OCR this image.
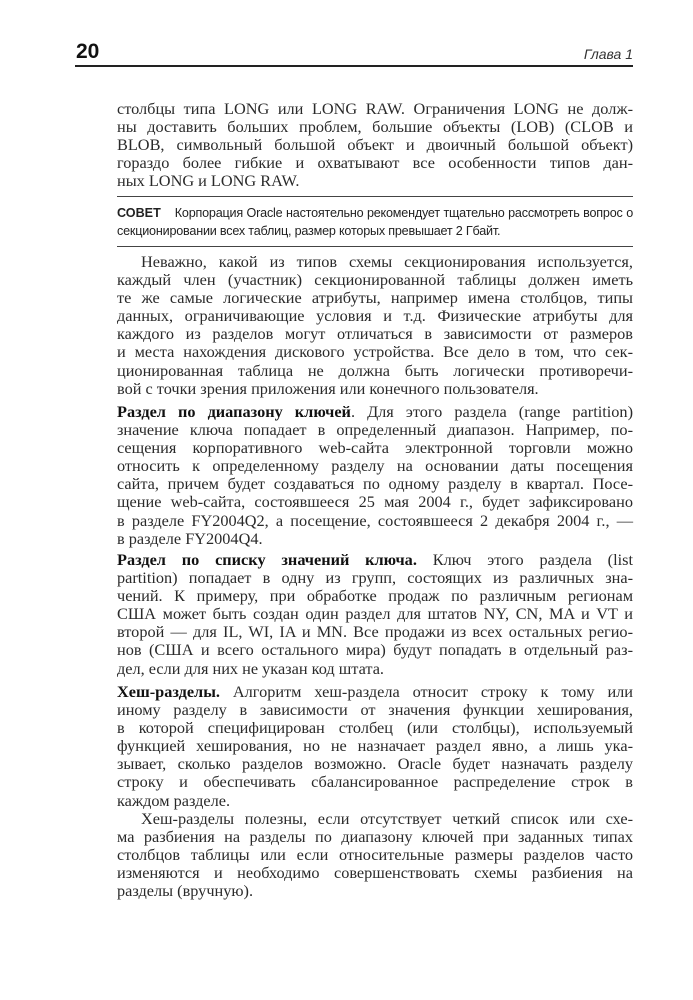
20	Глава 1
столбцы типа LONG или LONG RAW. Ограничения LONG не долж-
ны доставить больших проблем, большие объекты (LOB) (CLOB и
BLOB, символьный большой объект и двоичный большой объект)
гораздо более гибкие и охватывают все особенности типов дан-
ных LONG и LONG RAW.
СОВЕТ Корпорация Oracle настоятельно рекомендует тщательно рассмотреть вопрос о
секционировании всех таблиц, размер которых превышает 2 Гбайт.
Неважно, какой из типов схемы секционирования используется,
каждый член (участник) секционированной таблицы должен иметь
те же самые логические атрибуты, например имена столбцов, типы
данных, ограничивающие условия и т.д. Физические атрибуты для
каждого из разделов могут отличаться в зависимости от размеров
и места нахождения дискового устройства. Все дело в том, что сек-
ционированная таблица не должна быть логически противоречи-
вой с точки зрения приложения или конечного пользователя.
Раздел по диапазону ключей. Для этого раздела (range partition)
значение ключа попадает в определенный диапазон. Например, по-
сещения корпоративного web-сайта электронной торговли можно
относить к определенному разделу на основании даты посещения
сайта, причем будет создаваться по одному разделу в квартал. Посе-
щение web-сайта, состоявшееся 25 мая 2004 г., будет зафиксировано
в разделе FY2004Q2, а посещение, состоявшееся 2 декабря 2004 г., —
в разделе FY2004Q4.
Раздел по списку значений ключа. Ключ этого раздела (list
partition) попадает в одну из групп, состоящих из различных зна-
чений. К примеру, при обработке продаж по различным регионам
США может быть создан один раздел для штатов NY, CN, MA и VT и
второй — для IL, WI, IA и MN. Все продажи из всех остальных регио-
нов (США и всего остального мира) будут попадать в отдельный раз-
дел, если для них не указан код штата.
Хеш-разделы. Алгоритм хеш-раздела относит строку к тому или
иному разделу в зависимости от значения функции хеширования,
в которой специфицирован столбец (или столбцы), используемый
функцией хеширования, но не назначает раздел явно, а лишь ука-
зывает, сколько разделов возможно. Oracle будет назначать разделу
строку и обеспечивать сбалансированное распределение строк в
каждом разделе.
Хеш-разделы полезны, если отсутствует четкий список или схе-
ма разбиения на разделы по диапазону ключей при заданных типах
столбцов таблицы или если относительные размеры разделов часто
изменяются и необходимо совершенствовать схемы разбиения на
разделы (вручную).
